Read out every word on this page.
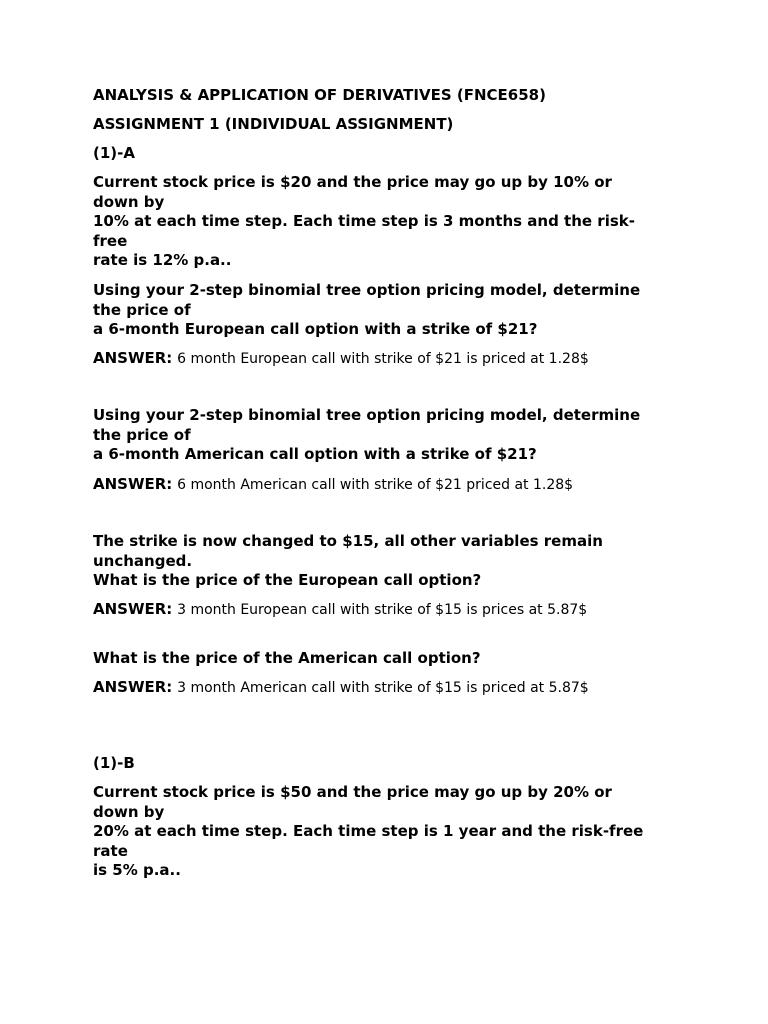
ANALYSIS & APPLICATION OF DERIVATIVES (FNCE658)
ASSIGNMENT 1 (INDIVIDUAL ASSIGNMENT)
(1)-A
Current stock price is $20 and the price may go up by 10% or
down by
10% at each time step. Each time step is 3 months and the risk-
free
rate is 12% p.a..
Using your 2-step binomial tree option pricing model, determine
the price of
a 6-month European call option with a strike of $21?
ANSWER: 6 month European call with strike of $21 is priced at 1.28$
Using your 2-step binomial tree option pricing model, determine
the price of
a 6-month American call option with a strike of $21?
ANSWER: 6 month American call with strike of $21 priced at 1.28$
The strike is now changed to $15, all other variables remain
unchanged.
What is the price of the European call option?
ANSWER: 3 month European call with strike of $15 is prices at 5.87$
What is the price of the American call option?
ANSWER: 3 month American call with strike of $15 is priced at 5.87$
(1)-B
Current stock price is $50 and the price may go up by 20% or
down by
20% at each time step. Each time step is 1 year and the risk-free
rate
is 5% p.a..
